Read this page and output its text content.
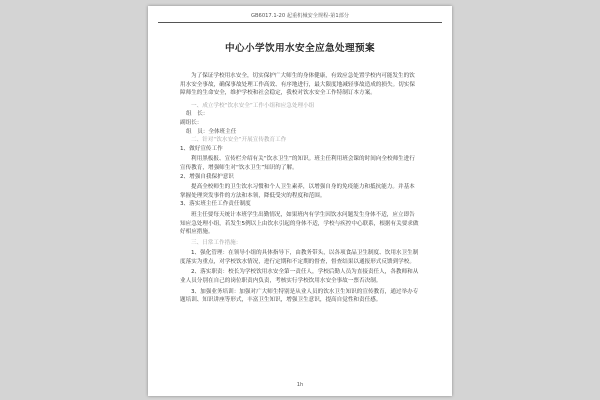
GB6017.1-20 起重机械安全规程-第1部分
中心小学饮用水安全应急处理预案

为了保证学校用水安全，切实保护广大师生的身体健康，有效应急处置学校内可能发生的饮用水安全事故，确保事故处理工作高效、有序地进行，最大限度地减轻事故造成的损失。切实保障师生的生命安全，维护学校和社会稳定，我校对饮水安全工作特制订本方案。

一、成立学校“饮水安全”工作小组和应急处理小组

组　长：

副组长：

组　员：全体班主任

二、针对“饮水安全”开展宣传教育工作

1、做好宣传工作

利用黑板报、宣传栏介绍有关“饮水卫生”的知识。班主任利用班会课的时间向全校师生进行宣传教育，增强师生对“饮水卫生”知识的了解。

2、增强自我保护意识

提高全校师生的卫生饮水习惯和个人卫生素养，以增强自身的免疫能力和抵抗能力。并基本掌握处理突发事件的方法和本领，降低受灾的程度和范围。

3、落实班主任工作责任制度

班主任要每天统计本班学生出勤情况，如果班内有学生因饮水问题发生身体不适，应立即告知应急处理小组，若发生5例以上由饮水引起的身体不适，学校与疾控中心联系，根据有关要求做好相应措施。

三、日常工作措施：

1、强化管理：在领导小组的具体指导下，由教务带头，以各项食品卫生制度、饮用水卫生制度落实为重点，对学校饮水情况，进行定期和不定期的督查，督查结果以通报形式反馈到学校。

2、落实职责：校长为学校饮用水安全第一责任人，学校后勤人员为直接责任人，各教师和从业人员分别在自己的岗位职责内负责，考核实行学校饮用水安全事故一票否决制。

3、加强业务培训：加强对广大师生特别是从业人员的饮水卫生知识的宣传教育，通过举办专题培训、知识讲座等形式，丰富卫生知识，增强卫生意识，提高自觉性和责任感。

1h
